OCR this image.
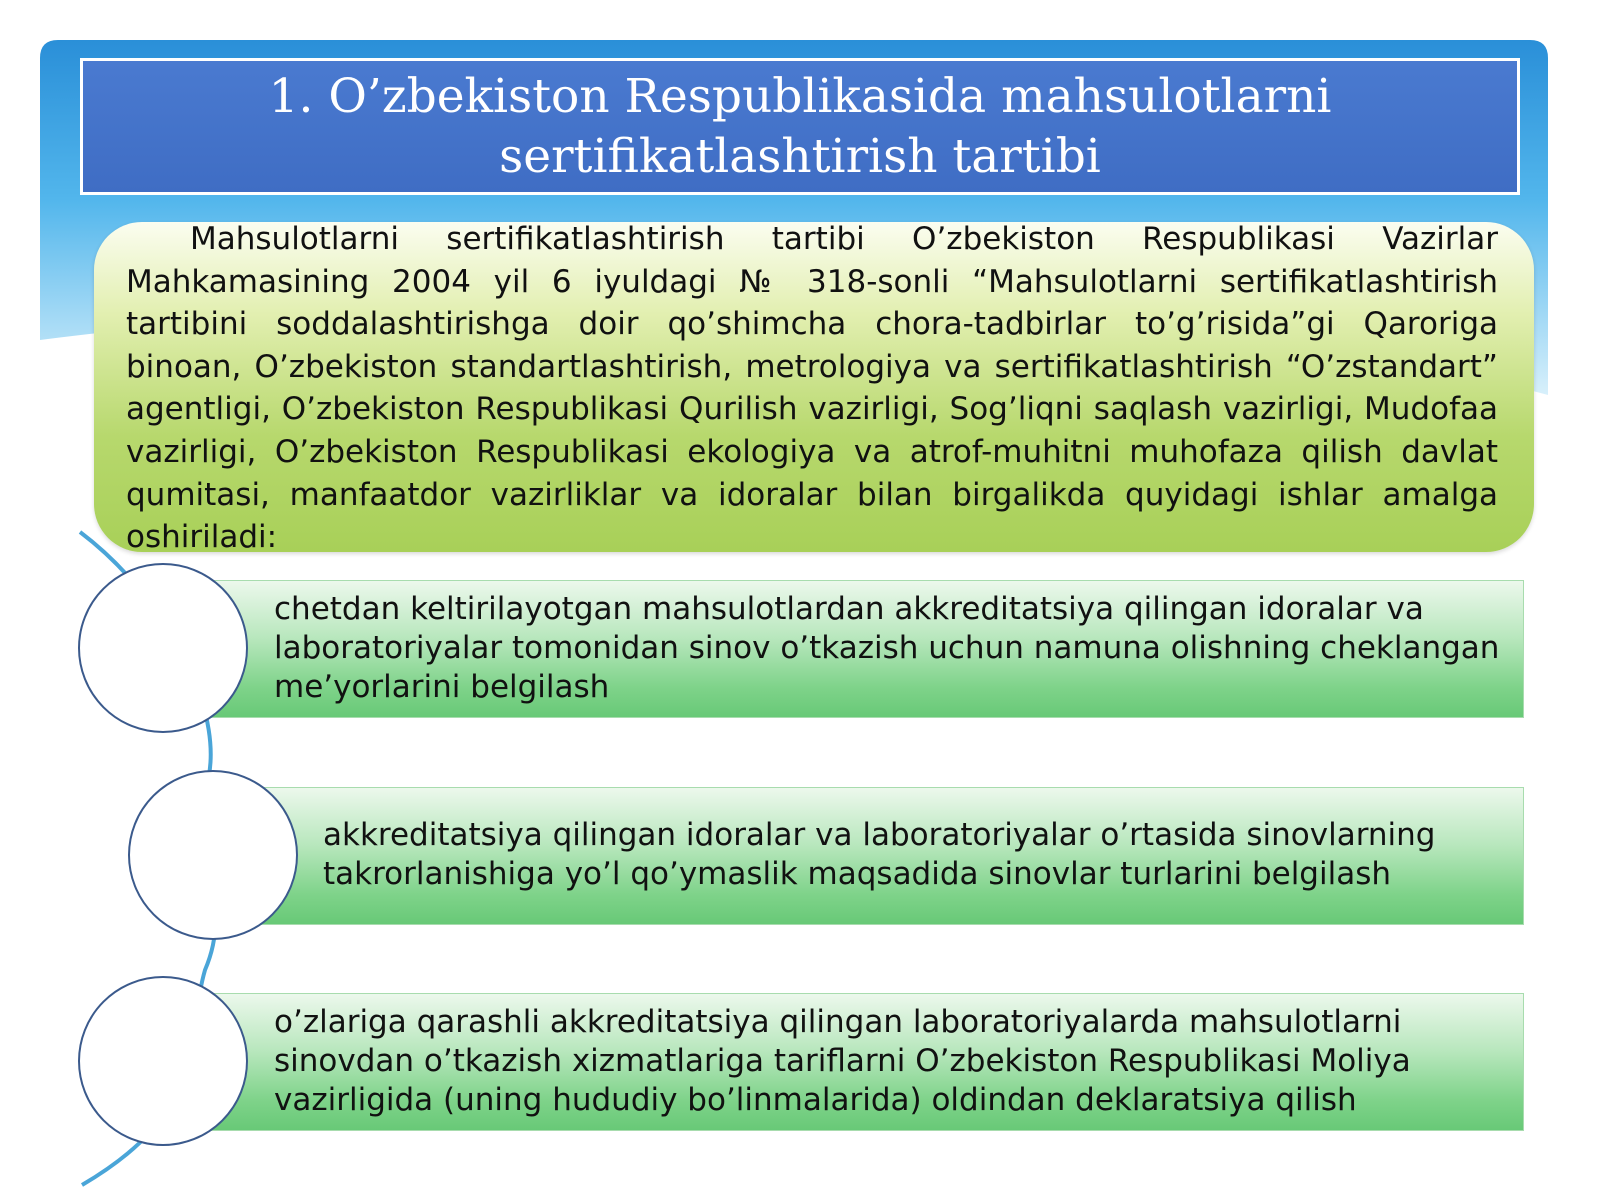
1. O’zbekiston Respublikasida mahsulotlarni
sertifikatlashtirish tartibi

Mahsulotlarni sertifikatlashtirish tartibi O’zbekiston Respublikasi Vazirlar Mahkamasining 2004 yil 6 iyuldagi № 318-sonli “Mahsulotlarni sertifikatlashtirish tartibini soddalashtirishga doir qo’shimcha chora-tadbirlar to’g’risida”gi Qaroriga binoan, O’zbekiston standartlashtirish, metrologiya va sertifikatlashtirish “O’zstandart” agentligi, O’zbekiston Respublikasi Qurilish vazirligi, Sog’liqni saqlash vazirligi, Mudofaa vazirligi, O’zbekiston Respublikasi ekologiya va atrof-muhitni muhofaza qilish davlat qumitasi, manfaatdor vazirliklar va idoralar bilan birgalikda quyidagi ishlar amalga oshiriladi:

chetdan keltirilayotgan mahsulotlardan akkreditatsiya qilingan idoralar va laboratoriyalar tomonidan sinov o’tkazish uchun namuna olishning cheklangan me’yorlarini belgilash

akkreditatsiya qilingan idoralar va laboratoriyalar o’rtasida sinovlarning takrorlanishiga yo’l qo’ymaslik maqsadida sinovlar turlarini belgilash

o’zlariga qarashli akkreditatsiya qilingan laboratoriyalarda mahsulotlarni sinovdan o’tkazish xizmatlariga tariflarni O’zbekiston Respublikasi Moliya vazirligida (uning hududiy bo’linmalarida) oldindan deklaratsiya qilish
